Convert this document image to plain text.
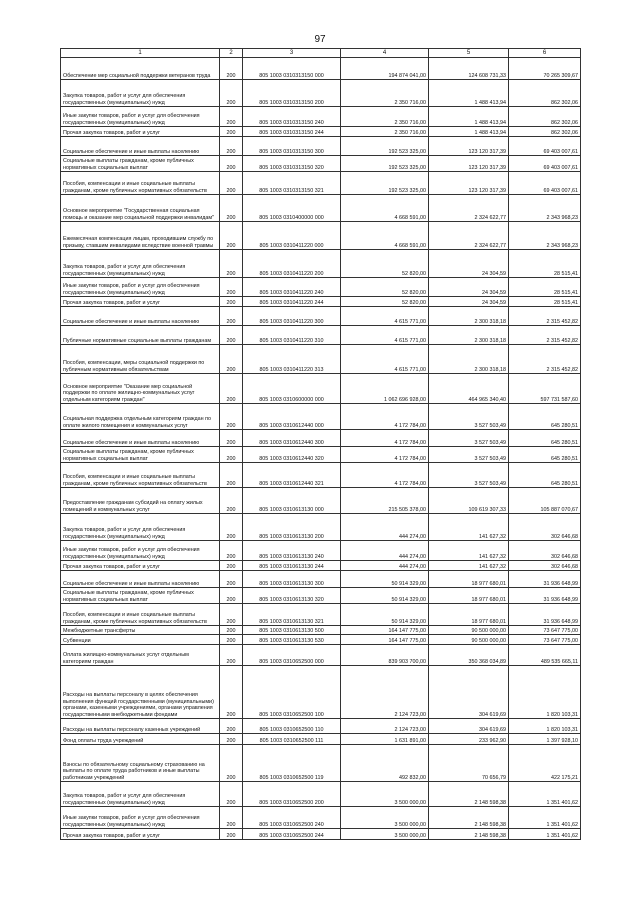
97
1	2	3	4	5	6
Обеспечение мер социальной поддержки ветеранов труда	200	805 1003 0310313150 000	194 874 041,00	124 608 731,33	70 265 309,67
Закупка товаров, работ и услуг для обеспечения государственных (муниципальных) нужд	200	805 1003 0310313150 200	2 350 716,00	1 488 413,94	862 302,06
Иные закупки товаров, работ и услуг для обеспечения государственных (муниципальных) нужд	200	805 1003 0310313150 240	2 350 716,00	1 488 413,94	862 302,06
Прочая закупка товаров, работ и услуг	200	805 1003 0310313150 244	2 350 716,00	1 488 413,94	862 302,06
Социальное обеспечение и иные выплаты населению	200	805 1003 0310313150 300	192 523 325,00	123 120 317,39	69 403 007,61
Социальные выплаты гражданам, кроме публичных нормативных социальных выплат	200	805 1003 0310313150 320	192 523 325,00	123 120 317,39	69 403 007,61
Пособия, компенсации и иные социальные выплаты гражданам, кроме публичных нормативных обязательств	200	805 1003 0310313150 321	192 523 325,00	123 120 317,39	69 403 007,61
Основное мероприятие "Государственная социальная помощь и оказание мер социальной поддержки инвалидам"	200	805 1003 0310400000 000	4 668 591,00	2 324 622,77	2 343 968,23
Ежемесячная компенсация лицам, проходившим службу по призыву, ставшим инвалидами вследствие военной травмы	200	805 1003 0310411220 000	4 668 591,00	2 324 622,77	2 343 968,23
Закупка товаров, работ и услуг для обеспечения государственных (муниципальных) нужд	200	805 1003 0310411220 200	52 820,00	24 304,59	28 515,41
Иные закупки товаров, работ и услуг для обеспечения государственных (муниципальных) нужд	200	805 1003 0310411220 240	52 820,00	24 304,59	28 515,41
Прочая закупка товаров, работ и услуг	200	805 1003 0310411220 244	52 820,00	24 304,59	28 515,41
Социальное обеспечение и иные выплаты населению	200	805 1003 0310411220 300	4 615 771,00	2 300 318,18	2 315 452,82
Публичные нормативные социальные выплаты гражданам	200	805 1003 0310411220 310	4 615 771,00	2 300 318,18	2 315 452,82
Пособия, компенсации, меры социальной поддержки по публичным нормативным обязательствам	200	805 1003 0310411220 313	4 615 771,00	2 300 318,18	2 315 452,82
Основное мероприятие "Оказание мер социальной поддержки по оплате жилищно-коммунальных услуг отдельным категориям граждан"	200	805 1003 0310600000 000	1 062 696 928,00	464 965 340,40	597 731 587,60
Социальная поддержка отдельным категориям граждан по оплате жилого помещения и коммунальных услуг	200	805 1003 0310612440 000	4 172 784,00	3 527 503,49	645 280,51
Социальное обеспечение и иные выплаты населению	200	805 1003 0310612440 300	4 172 784,00	3 527 503,49	645 280,51
Социальные выплаты гражданам, кроме публичных нормативных социальных выплат	200	805 1003 0310612440 320	4 172 784,00	3 527 503,49	645 280,51
Пособия, компенсации и иные социальные выплаты гражданам, кроме публичных нормативных обязательств	200	805 1003 0310612440 321	4 172 784,00	3 527 503,49	645 280,51
Предоставление гражданам субсидий на оплату жилых помещений и коммунальных услуг	200	805 1003 0310613130 000	215 505 378,00	109 619 307,33	105 887 070,67
Закупка товаров, работ и услуг для обеспечения государственных (муниципальных) нужд	200	805 1003 0310613130 200	444 274,00	141 627,32	302 646,68
Иные закупки товаров, работ и услуг для обеспечения государственных (муниципальных) нужд	200	805 1003 0310613130 240	444 274,00	141 627,32	302 646,68
Прочая закупка товаров, работ и услуг	200	805 1003 0310613130 244	444 274,00	141 627,32	302 646,68
Социальное обеспечение и иные выплаты населению	200	805 1003 0310613130 300	50 914 329,00	18 977 680,01	31 936 648,99
Социальные выплаты гражданам, кроме публичных нормативных социальных выплат	200	805 1003 0310613130 320	50 914 329,00	18 977 680,01	31 936 648,99
Пособия, компенсации и иные социальные выплаты гражданам, кроме публичных нормативных обязательств	200	805 1003 0310613130 321	50 914 329,00	18 977 680,01	31 936 648,99
Межбюджетные трансферты	200	805 1003 0310613130 500	164 147 775,00	90 500 000,00	73 647 775,00
Субвенции	200	805 1003 0310613130 530	164 147 775,00	90 500 000,00	73 647 775,00
Оплата жилищно-коммунальных услуг отдельным категориям граждан	200	805 1003 0310652500 000	839 903 700,00	350 368 034,89	489 535 665,11
Расходы на выплаты персоналу в целях обеспечения выполнения функций государственными (муниципальными) органами, казенными учреждениями, органами управления государственными внебюджетными фондами	200	805 1003 0310652500 100	2 124 723,00	304 619,69	1 820 103,31
Расходы на выплаты персоналу казенных учреждений	200	805 1003 0310652500 110	2 124 723,00	304 619,69	1 820 103,31
Фонд оплаты труда учреждений	200	805 1003 0310652500 111	1 631 891,00	233 962,90	1 397 928,10
Взносы по обязательному социальному страхованию на выплаты по оплате труда работников и иные выплаты работникам учреждений	200	805 1003 0310652500 119	492 832,00	70 656,79	422 175,21
Закупка товаров, работ и услуг для обеспечения государственных (муниципальных) нужд	200	805 1003 0310652500 200	3 500 000,00	2 148 598,38	1 351 401,62
Иные закупки товаров, работ и услуг для обеспечения государственных (муниципальных) нужд	200	805 1003 0310652500 240	3 500 000,00	2 148 598,38	1 351 401,62
Прочая закупка товаров, работ и услуг	200	805 1003 0310652500 244	3 500 000,00	2 148 598,38	1 351 401,62
